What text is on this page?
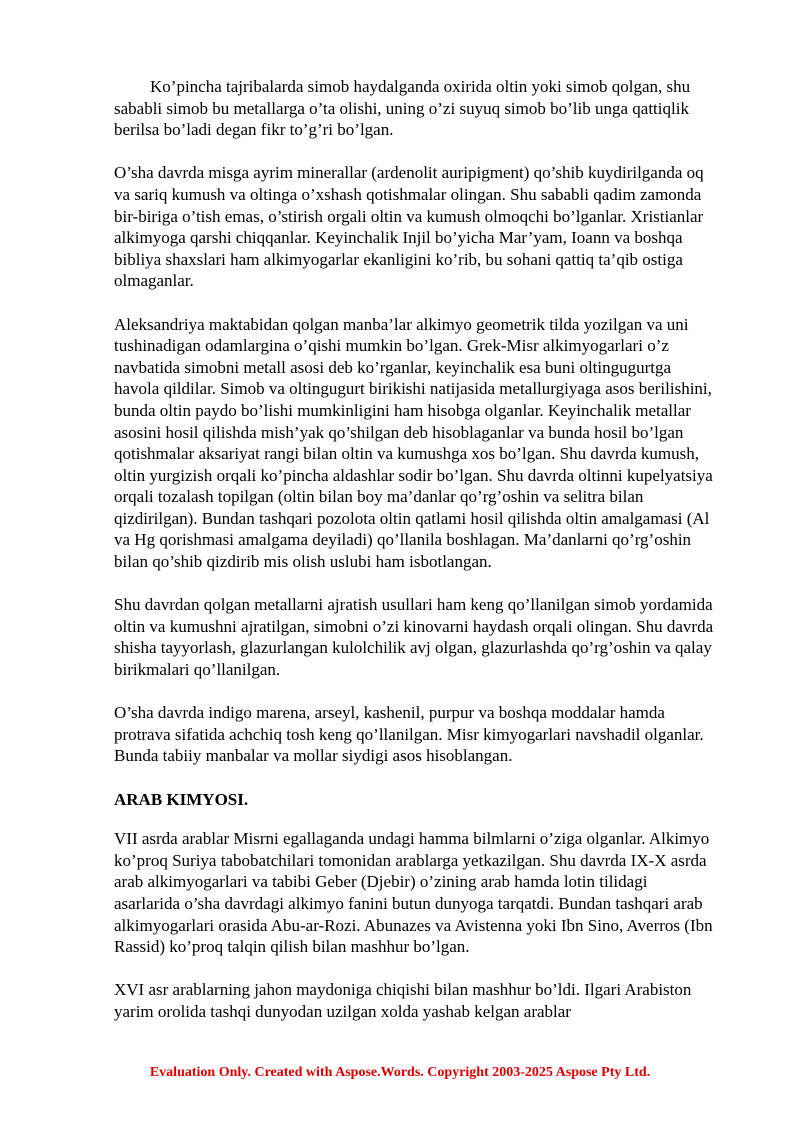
Ko’pincha tajribalarda simob haydalganda oxirida oltin yoki simob qolgan, shu sababli simob bu metallarga o’ta olishi, uning o’zi suyuq simob bo’lib unga qattiqlik berilsa bo’ladi degan fikr to’g’ri bo’lgan.

O’sha davrda misga ayrim minerallar (ardenolit auripigment) qo’shib kuydirilganda oq va sariq kumush va oltinga o’xshash qotishmalar olingan. Shu sababli qadim zamonda bir-biriga o’tish emas, o’stirish orgali oltin va kumush olmoqchi bo’lganlar. Xristianlar alkimyoga qarshi chiqqanlar. Keyinchalik Injil bo’yicha Mar’yam, Ioann va boshqa bibliya shaxslari ham alkimyogarlar ekanligini ko’rib, bu sohani qattiq ta’qib ostiga olmaganlar.

Aleksandriya maktabidan qolgan manba’lar alkimyo geometrik tilda yozilgan va uni tushinadigan odamlargina o’qishi mumkin bo’lgan. Grek-Misr alkimyogarlari o’z navbatida simobni metall asosi deb ko’rganlar, keyinchalik esa buni oltingugurtga havola qildilar. Simob va oltingugurt birikishi natijasida metallurgiyaga asos berilishini, bunda oltin paydo bo’lishi mumkinligini ham hisobga olganlar. Keyinchalik metallar asosini hosil qilishda mish’yak qo’shilgan deb hisoblaganlar va bunda hosil bo’lgan qotishmalar aksariyat rangi bilan oltin va kumushga xos bo’lgan. Shu davrda kumush, oltin yurgizish orqali ko’pincha aldashlar sodir bo’lgan. Shu davrda oltinni kupelyatsiya orqali tozalash topilgan (oltin bilan boy ma’danlar qo’rg’oshin va selitra bilan qizdirilgan). Bundan tashqari pozolota oltin qatlami hosil qilishda oltin amalgamasi (Al va Hg qorishmasi amalgama deyiladi) qo’llanila boshlagan. Ma’danlarni qo’rg’oshin bilan qo’shib qizdirib mis olish uslubi ham isbotlangan.

Shu davrdan qolgan metallarni ajratish usullari ham keng qo’llanilgan simob yordamida oltin va kumushni ajratilgan, simobni o’zi kinovarni haydash orqali olingan. Shu davrda shisha tayyorlash, glazurlangan kulolchilik avj olgan, glazurlashda qo’rg’oshin va qalay birikmalari qo’llanilgan.

O’sha davrda indigo marena, arseyl, kashenil, purpur va boshqa moddalar hamda protrava sifatida achchiq tosh keng qo’llanilgan. Misr kimyogarlari navshadil olganlar. Bunda tabiiy manbalar va mollar siydigi asos hisoblangan.

ARAB KIMYOSI.

VII asrda arablar Misrni egallaganda undagi hamma bilmlarni o’ziga olganlar. Alkimyo ko’proq Suriya tabobatchilari tomonidan arablarga yetkazilgan. Shu davrda IX-X asrda arab alkimyogarlari va tabibi Geber (Djebir) o’zining arab hamda lotin tilidagi asarlarida o’sha davrdagi alkimyo fanini butun dunyoga tarqatdi. Bundan tashqari arab alkimyogarlari orasida Abu-ar-Rozi. Abunazes va Avistenna yoki Ibn Sino, Averros (Ibn Rassid) ko’proq talqin qilish bilan mashhur bo’lgan.

XVI asr arablarning jahon maydoniga chiqishi bilan mashhur bo’ldi. Ilgari Arabiston yarim orolida tashqi dunyodan uzilgan xolda yashab kelgan arablar

Evaluation Only. Created with Aspose.Words. Copyright 2003-2025 Aspose Pty Ltd.
